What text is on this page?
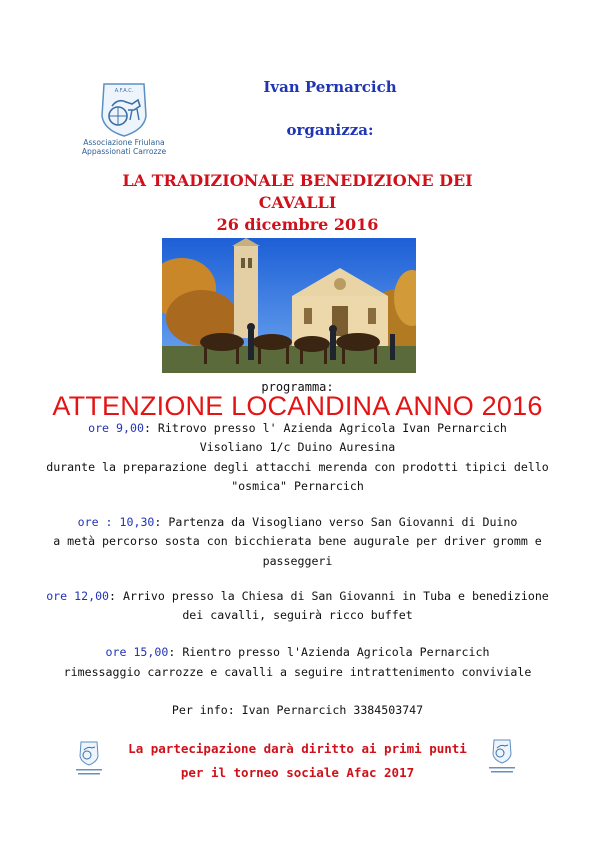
A.F.A.C.
Associazione Friulana
Appassionati Carrozze
Ivan Pernarcich
organizza:
LA TRADIZIONALE BENEDIZIONE DEI
CAVALLI
26 dicembre 2016
programma:
ATTENZIONE LOCANDINA ANNO 2016
ore 9,00: Ritrovo presso l' Azienda Agricola Ivan Pernarcich
Visoliano 1/c Duino Auresina
durante la preparazione degli attacchi merenda con prodotti tipici dello
"osmica" Pernarcich
ore : 10,30: Partenza da Visogliano verso San Giovanni di Duino
a metà percorso sosta con bicchierata bene augurale per driver gromm e
passeggeri
ore 12,00: Arrivo presso la Chiesa di San Giovanni in Tuba e benedizione
dei cavalli, seguirà ricco buffet
ore 15,00: Rientro presso l'Azienda Agricola Pernarcich
rimessaggio carrozze e cavalli a seguire intrattenimento conviviale
Per info: Ivan Pernarcich 3384503747
La partecipazione darà diritto ai primi punti
per il torneo sociale Afac 2017
